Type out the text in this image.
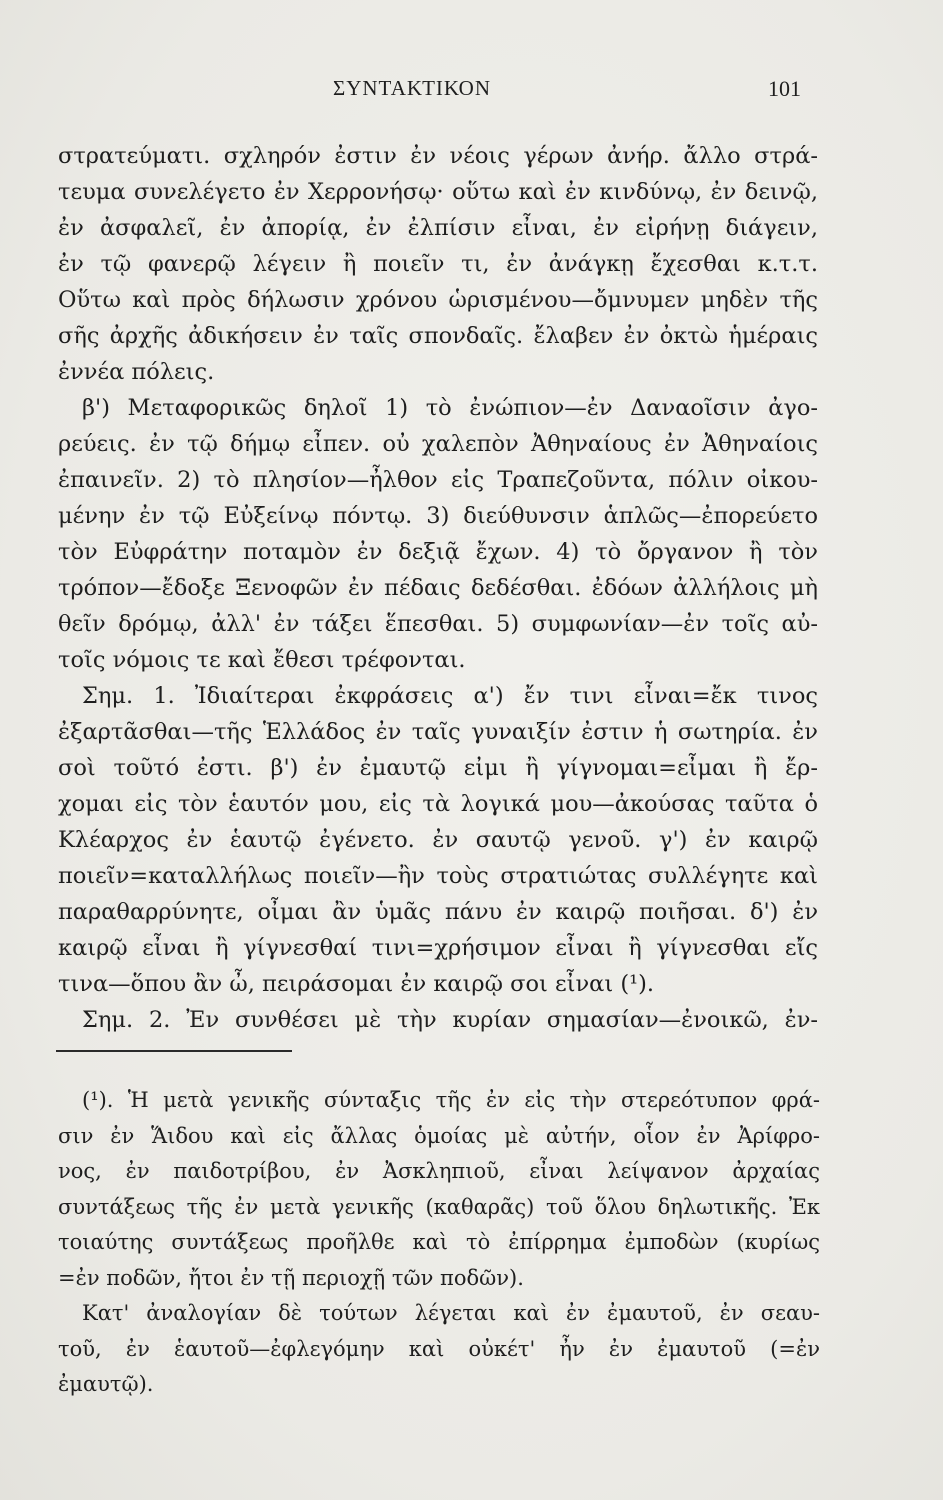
ΣΥΝΤΑΚΤΙΚΟΝ	101
στρατεύματι. σχληρόν ἐστιν ἐν νέοις γέρων ἀνήρ. ἄλλο στρά-
τευμα συνελέγετο ἐν Χερρονήσῳ· οὕτω καὶ ἐν κινδύνῳ, ἐν δεινῷ,
ἐν ἀσφαλεῖ, ἐν ἀπορίᾳ, ἐν ἐλπίσιν εἶναι, ἐν εἰρήνῃ διάγειν,
ἐν τῷ φανερῷ λέγειν ἢ ποιεῖν τι, ἐν ἀνάγκῃ ἔχεσθαι κ.τ.τ.
Οὕτω καὶ πρὸς δήλωσιν χρόνου ὡρισμένου—ὄμνυμεν μηδὲν τῆς
σῆς ἀρχῆς ἀδικήσειν ἐν ταῖς σπονδαῖς. ἔλαβεν ἐν ὀκτὼ ἡμέραις
ἐννέα πόλεις.
β') Μεταφορικῶς δηλοῖ 1) τὸ ἐνώπιον—ἐν Δαναοῖσιν ἀγο-
ρεύεις. ἐν τῷ δήμῳ εἶπεν. οὐ χαλεπὸν Ἀθηναίους ἐν Ἀθηναίοις
ἐπαινεῖν. 2) τὸ πλησίον—ἦλθον εἰς Τραπεζοῦντα, πόλιν οἰκου-
μένην ἐν τῷ Εὐξείνῳ πόντῳ. 3) διεύθυνσιν ἁπλῶς—ἐπορεύετο
τὸν Εὐφράτην ποταμὸν ἐν δεξιᾷ ἔχων. 4) τὸ ὄργανον ἢ τὸν
τρόπον—ἔδοξε Ξενοφῶν ἐν πέδαις δεδέσθαι. ἐδόων ἀλλήλοις μὴ
θεῖν δρόμῳ, ἀλλ' ἐν τάξει ἕπεσθαι. 5) συμφωνίαν—ἐν τοῖς αὐ-
τοῖς νόμοις τε καὶ ἔθεσι τρέφονται.
Σημ. 1. Ἰδιαίτεραι ἐκφράσεις α') ἔν τινι εἶναι=ἔκ τινος
ἐξαρτᾶσθαι—τῆς Ἑλλάδος ἐν ταῖς γυναιξίν ἐστιν ἡ σωτηρία. ἐν
σοὶ τοῦτό ἐστι. β') ἐν ἐμαυτῷ εἰμι ἢ γίγνομαι=εἶμαι ἢ ἔρ-
χομαι εἰς τὸν ἑαυτόν μου, εἰς τὰ λογικά μου—ἀκούσας ταῦτα ὁ
Κλέαρχος ἐν ἑαυτῷ ἐγένετο. ἐν σαυτῷ γενοῦ. γ') ἐν καιρῷ
ποιεῖν=καταλλήλως ποιεῖν—ἢν τοὺς στρατιώτας συλλέγητε καὶ
παραθαρρύνητε, οἶμαι ἂν ὑμᾶς πάνυ ἐν καιρῷ ποιῆσαι. δ') ἐν
καιρῷ εἶναι ἢ γίγνεσθαί τινι=χρήσιμον εἶναι ἢ γίγνεσθαι εἴς
τινα—ὅπου ἂν ὦ, πειράσομαι ἐν καιρῷ σοι εἶναι (¹).
Σημ. 2. Ἐν συνθέσει μὲ τὴν κυρίαν σημασίαν—ἐνοικῶ, ἐν-
(¹). Ἡ μετὰ γενικῆς σύνταξις τῆς ἐν εἰς τὴν στερεότυπον φρά-
σιν ἐν Ἅιδου καὶ εἰς ἄλλας ὁμοίας μὲ αὐτήν, οἷον ἐν Ἀρίφρο-
νος, ἐν παιδοτρίβου, ἐν Ἀσκληπιοῦ, εἶναι λείψανον ἀρχαίας
συντάξεως τῆς ἐν μετὰ γενικῆς (καθαρᾶς) τοῦ ὅλου δηλωτικῆς. Ἐκ
τοιαύτης συντάξεως προῆλθε καὶ τὸ ἐπίρρημα ἐμποδὼν (κυρίως
=ἐν ποδῶν, ἤτοι ἐν τῇ περιοχῇ τῶν ποδῶν).
Κατ' ἀναλογίαν δὲ τούτων λέγεται καὶ ἐν ἐμαυτοῦ, ἐν σεαυ-
τοῦ, ἐν ἑαυτοῦ—ἐφλεγόμην καὶ οὐκέτ' ἦν ἐν ἐμαυτοῦ (=ἐν
ἐμαυτῷ).
